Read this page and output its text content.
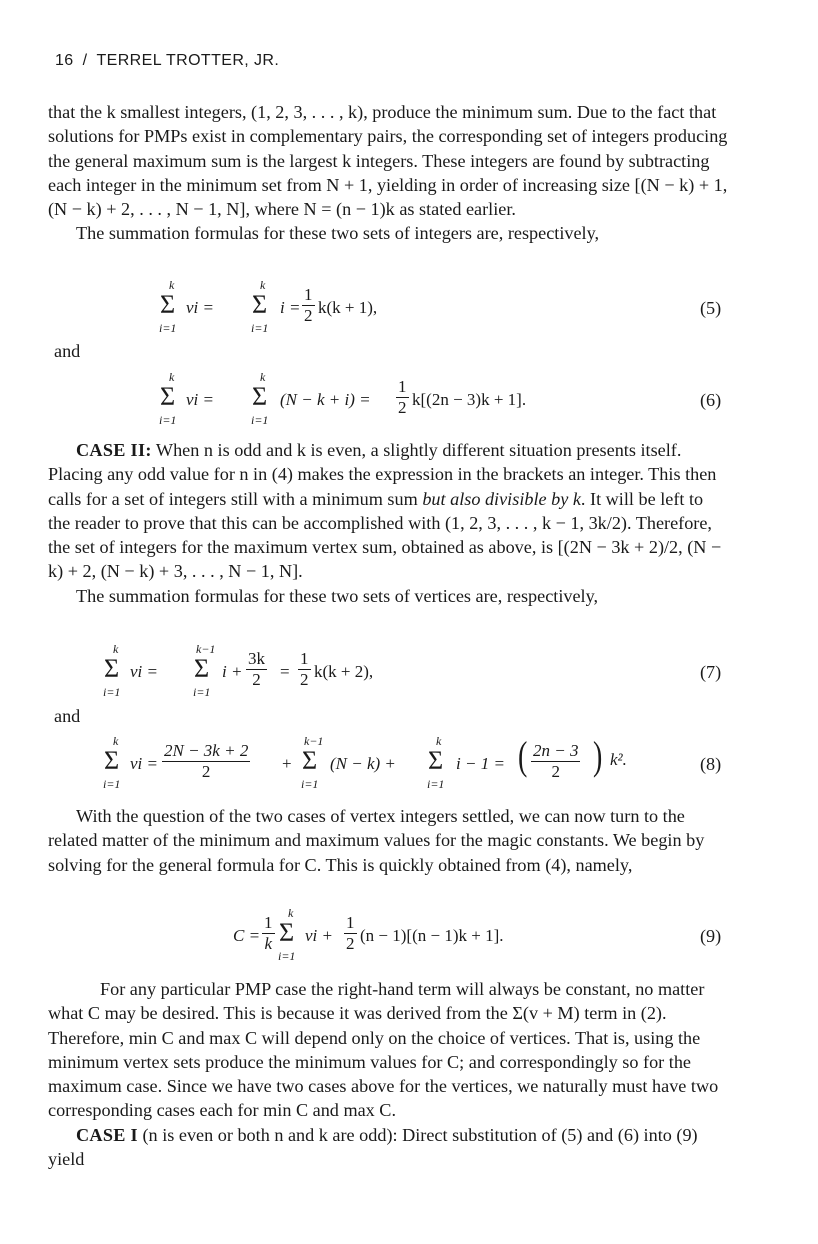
16 / TERREL TROTTER, JR.

that the k smallest integers, (1, 2, 3, . . . , k), produce the minimum sum. Due to the fact that solutions for PMPs exist in complementary pairs, the corresponding set of integers producing the general maximum sum is the largest k integers. These integers are found by subtracting each integer in the minimum set from N + 1, yielding in order of increasing size [(N − k) + 1, (N − k) + 2, . . . , N − 1, N], where N = (n − 1)k as stated earlier.

The summation formulas for these two sets of integers are, respectively,

k
Σ
i=1
vi =
k
Σ
i=1
$i = \frac{1}{2} k(k + 1)$,	(5)
and
k
Σ
i=1
vi =
k
Σ
i=1
$(N - k + i) = \frac{1}{2} k[(2n - 3)k + 1]$.	(6)

CASE II: When n is odd and k is even, a slightly different situation presents itself. Placing any odd value for n in (4) makes the expression in the brackets an integer. This then calls for a set of integers still with a minimum sum but also divisible by k. It will be left to the reader to prove that this can be accomplished with (1, 2, 3, . . . , k − 1, 3k/2). Therefore, the set of integers for the maximum vertex sum, obtained as above, is [(2N − 3k + 2)/2, (N − k) + 2, (N − k) + 3, . . . , N − 1, N].

The summation formulas for these two sets of vertices are, respectively,

k
Σ
i=1
vi =
k−1
Σ
i=1
$i + \frac{3k}{2} = \frac{1}{2} k(k + 2)$,	(7)
and
k
Σ
i=1
vi = $\frac{2N - 3k + 2}{2}$ +
k−1
Σ
i=1
(N − k) +
k
Σ
i=1
i − 1 = ( $\frac{2n - 3}{2}$ ) k².	(8)

With the question of the two cases of vertex integers settled, we can now turn to the related matter of the minimum and maximum values for the magic constants. We begin by solving for the general formula for C. This is quickly obtained from (4), namely,

$C = \frac{1}{k}$
k
Σ
i=1
vi + $\frac{1}{2} (n - 1)[(n - 1)k + 1]$.	(9)

For any particular PMP case the right-hand term will always be constant, no matter what C may be desired. This is because it was derived from the Σ(v + M) term in (2). Therefore, min C and max C will depend only on the choice of vertices. That is, using the minimum vertex sets produce the minimum values for C; and correspondingly so for the maximum case. Since we have two cases above for the vertices, we naturally must have two corresponding cases each for min C and max C.

CASE I (n is even or both n and k are odd): Direct substitution of (5) and (6) into (9) yield
